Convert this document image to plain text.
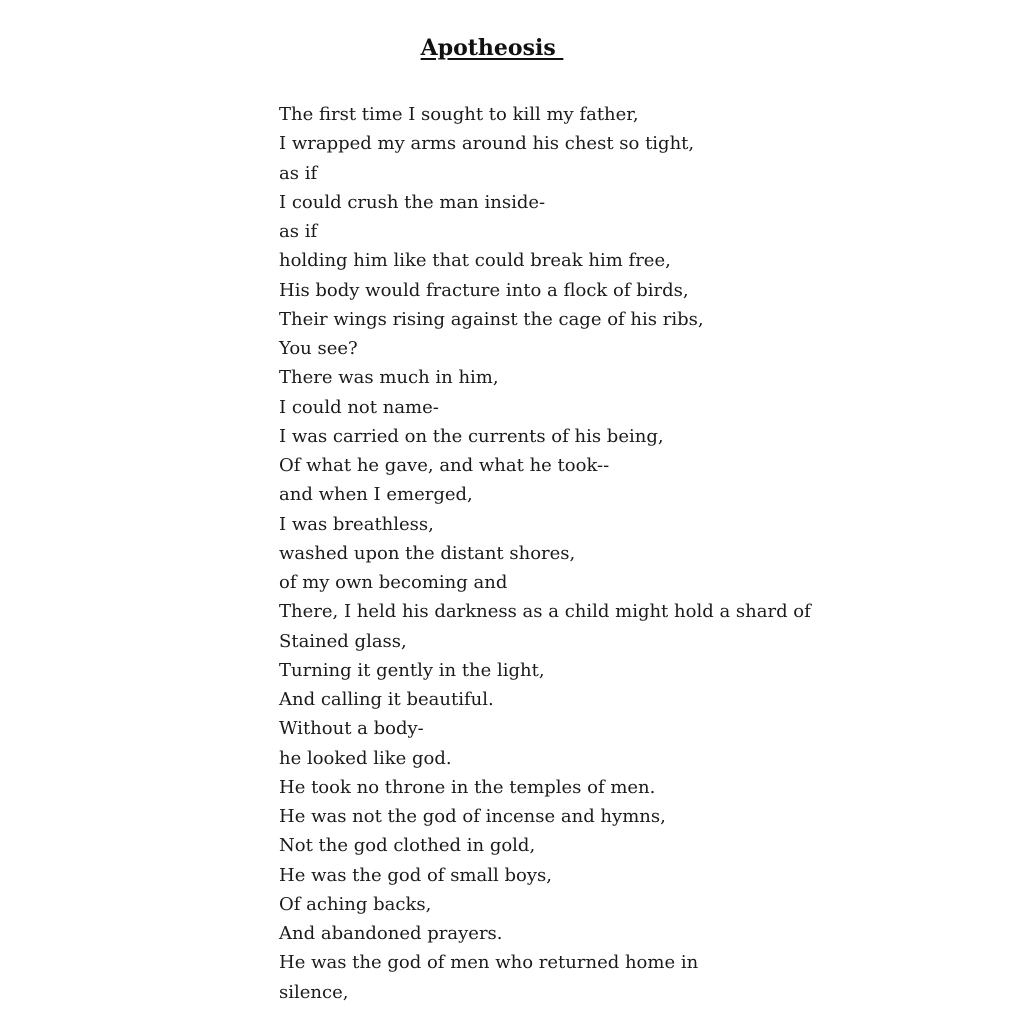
Apotheosis
The first time I sought to kill my father,
I wrapped my arms around his chest so tight,
as if
I could crush the man inside-
as if
holding him like that could break him free,
His body would fracture into a flock of birds,
Their wings rising against the cage of his ribs,
You see?
There was much in him,
I could not name-
I was carried on the currents of his being,
Of what he gave, and what he took--
and when I emerged,
I was breathless,
washed upon the distant shores,
of my own becoming and
There, I held his darkness as a child might hold a shard of
Stained glass,
Turning it gently in the light,
And calling it beautiful.
Without a body-
he looked like god.
He took no throne in the temples of men.
He was not the god of incense and hymns,
Not the god clothed in gold,
He was the god of small boys,
Of aching backs,
And abandoned prayers.
He was the god of men who returned home in
silence,
